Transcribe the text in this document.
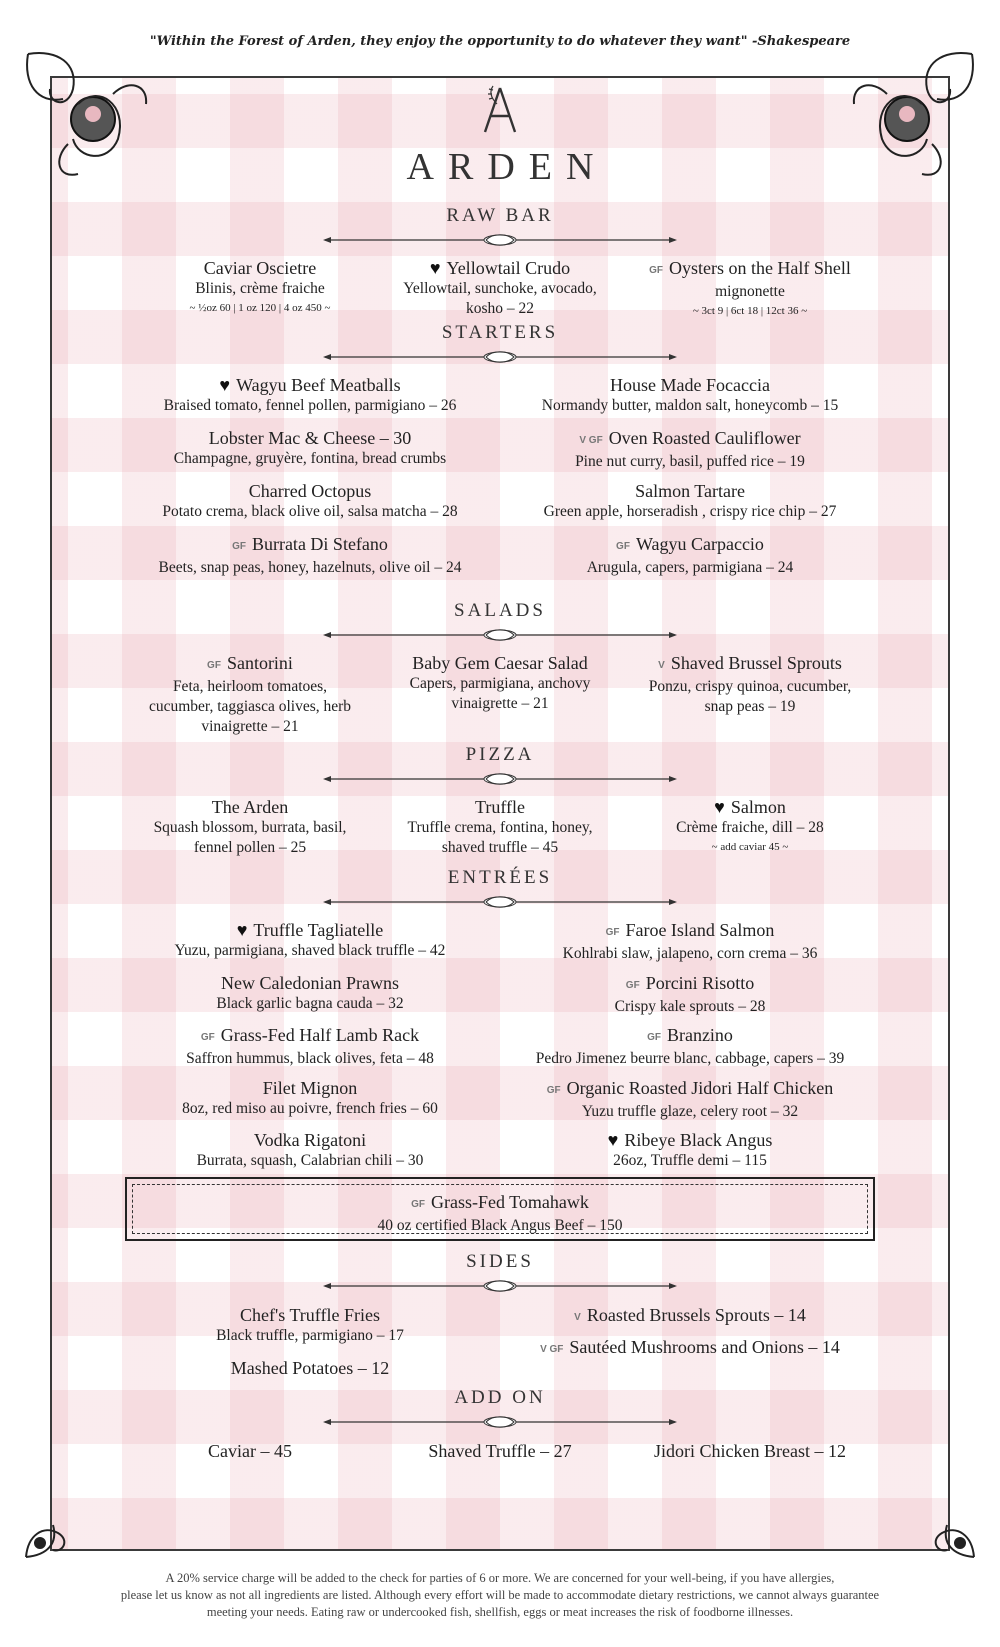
"Within the Forest of Arden, they enjoy the opportunity to do whatever they want" -Shakespeare
ARDEN
RAW BAR
Caviar Oscietre
Blinis, crème fraiche
~ ½oz 60 | 1 oz 120 | 4 oz 450 ~
♥ Yellowtail Crudo
Yellowtail, sunchoke, avocado,
kosho – 22
GF Oysters on the Half Shell
mignonette
~ 3ct 9 | 6ct 18 | 12ct 36 ~
STARTERS
♥ Wagyu Beef Meatballs
Braised tomato, fennel pollen, parmigiano – 26
House Made Focaccia
Normandy butter, maldon salt, honeycomb – 15
Lobster Mac & Cheese – 30
Champagne, gruyère, fontina, bread crumbs
V GF Oven Roasted Cauliflower
Pine nut curry, basil, puffed rice – 19
Charred Octopus
Potato crema, black olive oil, salsa matcha – 28
Salmon Tartare
Green apple, horseradish , crispy rice chip – 27
GF Burrata Di Stefano
Beets, snap peas, honey, hazelnuts, olive oil – 24
GF Wagyu Carpaccio
Arugula, capers, parmigiana – 24
SALADS
GF Santorini
Feta, heirloom tomatoes,
cucumber, taggiasca olives, herb
vinaigrette – 21
Baby Gem Caesar Salad
Capers, parmigiana, anchovy
vinaigrette – 21
V Shaved Brussel Sprouts
Ponzu, crispy quinoa, cucumber,
snap peas – 19
PIZZA
The Arden
Squash blossom, burrata, basil,
fennel pollen – 25
Truffle
Truffle crema, fontina, honey,
shaved truffle – 45
♥ Salmon
Crème fraiche, dill – 28
~ add caviar 45 ~
ENTRÉES
♥ Truffle Tagliatelle
Yuzu, parmigiana, shaved black truffle – 42
GF Faroe Island Salmon
Kohlrabi slaw, jalapeno, corn crema – 36
New Caledonian Prawns
Black garlic bagna cauda – 32
GF Porcini Risotto
Crispy kale sprouts – 28
GF Grass-Fed Half Lamb Rack
Saffron hummus, black olives, feta – 48
GF Branzino
Pedro Jimenez beurre blanc, cabbage, capers – 39
Filet Mignon
8oz, red miso au poivre, french fries – 60
GF Organic Roasted Jidori Half Chicken
Yuzu truffle glaze, celery root – 32
Vodka Rigatoni
Burrata, squash, Calabrian chili – 30
♥ Ribeye Black Angus
26oz, Truffle demi – 115
GF Grass-Fed Tomahawk
40 oz certified Black Angus Beef – 150
SIDES
Chef's Truffle Fries
Black truffle, parmigiano – 17
V Roasted Brussels Sprouts – 14
Mashed Potatoes – 12
V GF Sautéed Mushrooms and Onions – 14
ADD ON
Caviar – 45	Shaved Truffle – 27	Jidori Chicken Breast – 12
A 20% service charge will be added to the check for parties of 6 or more. We are concerned for your well-being, if you have allergies,
please let us know as not all ingredients are listed. Although every effort will be made to accommodate dietary restrictions, we cannot always guarantee
meeting your needs. Eating raw or undercooked fish, shellfish, eggs or meat increases the risk of foodborne illnesses.
